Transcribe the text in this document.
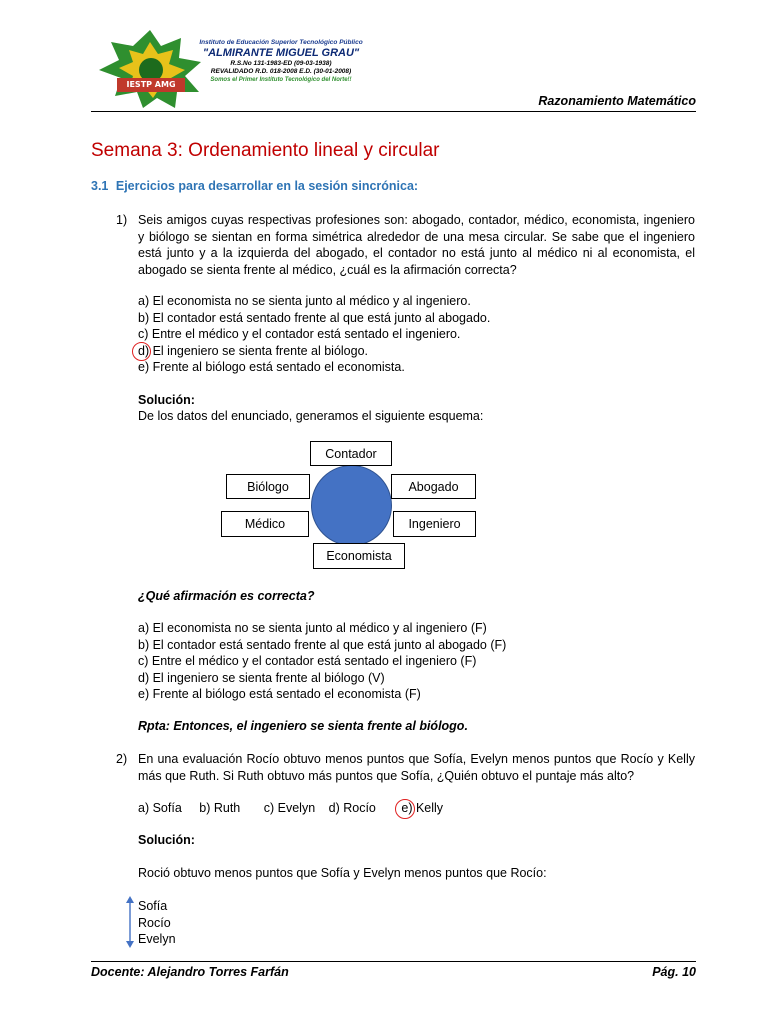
IESTP AMG
Instituto de Educación Superior Tecnológico Público
"ALMIRANTE MIGUEL GRAU"
R.S.No 131-1983-ED (09-03-1938)
REVALIDADO R.D. 018-2008 E.D. (30-01-2008)
Somos el Primer Instituto Tecnológico del Norte!!
Razonamiento Matemático
Semana 3: Ordenamiento lineal y circular
3.1 Ejercicios para desarrollar en la sesión sincrónica:
1) Seis amigos cuyas respectivas profesiones son: abogado, contador, médico, economista, ingeniero y biólogo se sientan en forma simétrica alrededor de una mesa circular. Se sabe que el ingeniero está junto y a la izquierda del abogado, el contador no está junto al médico ni al economista, el abogado se sienta frente al médico, ¿cuál es la afirmación correcta?
a) El economista no se sienta junto al médico y al ingeniero.
b) El contador está sentado frente al que está junto al abogado.
c) Entre el médico y el contador está sentado el ingeniero.
d) El ingeniero se sienta frente al biólogo.
e) Frente al biólogo está sentado el economista.
Solución:
De los datos del enunciado, generamos el siguiente esquema:
Contador
Biólogo	Abogado
Médico	Ingeniero
Economista
¿Qué afirmación es correcta?
a) El economista no se sienta junto al médico y al ingeniero (F)
b) El contador está sentado frente al que está junto al abogado (F)
c) Entre el médico y el contador está sentado el ingeniero (F)
d) El ingeniero se sienta frente al biólogo (V)
e) Frente al biólogo está sentado el economista (F)
Rpta: Entonces, el ingeniero se sienta frente al biólogo.
2) En una evaluación Rocío obtuvo menos puntos que Sofía, Evelyn menos puntos que Rocío y Kelly más que Ruth. Si Ruth obtuvo más puntos que Sofía, ¿Quién obtuvo el puntaje más alto?
a) Sofía b) Ruth c) Evelyn d) Rocío e) Kelly
Solución:
Roció obtuvo menos puntos que Sofía y Evelyn menos puntos que Rocío:
Sofía
Rocío
Evelyn
Docente: Alejandro Torres Farfán	Pág. 10
